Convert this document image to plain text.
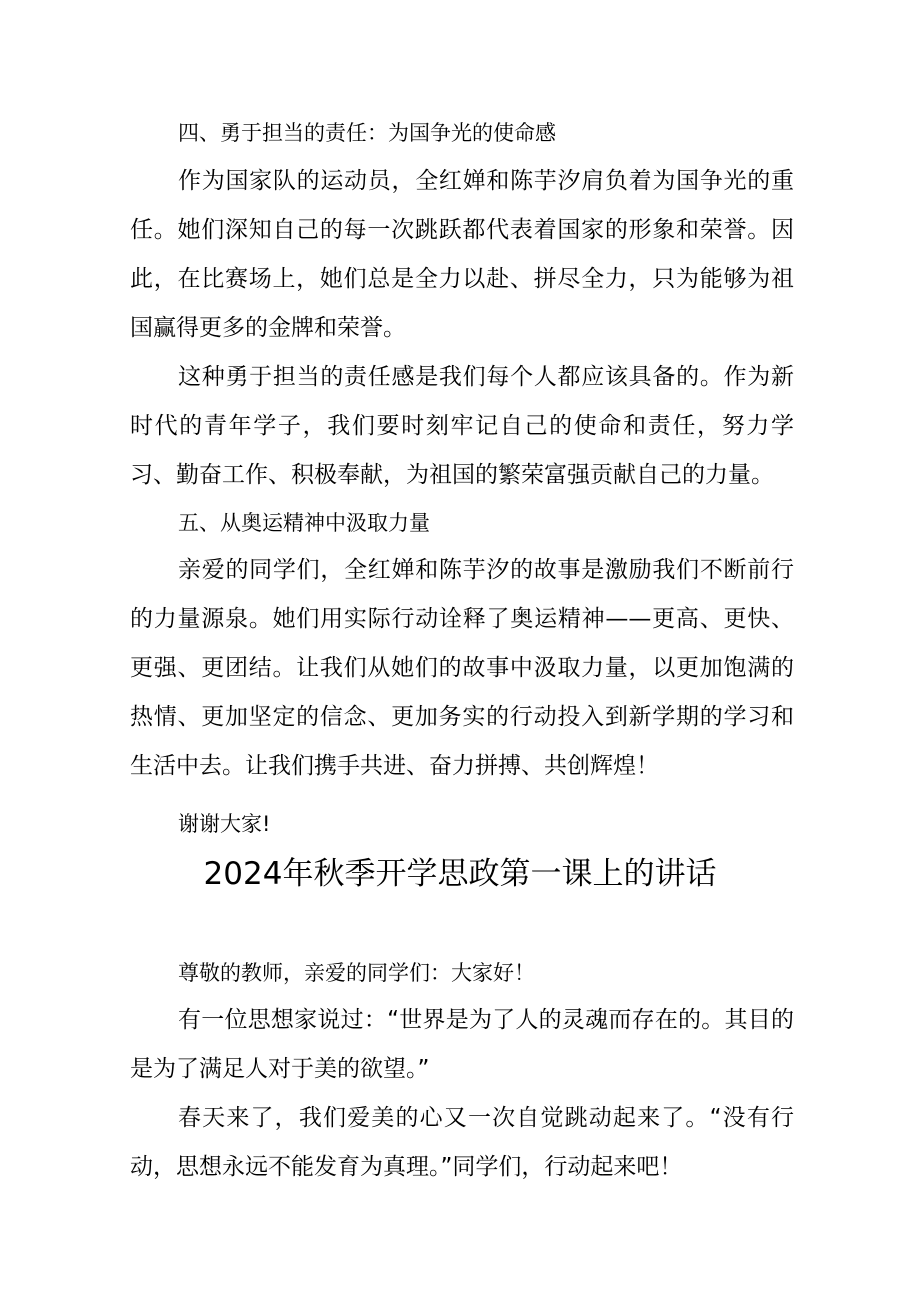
四、勇于担当的责任：为国争光的使命感

作为国家队的运动员，全红婵和陈芋汐肩负着为国争光的重任。她们深知自己的每一次跳跃都代表着国家的形象和荣誉。因此，在比赛场上，她们总是全力以赴、拼尽全力，只为能够为祖国赢得更多的金牌和荣誉。

这种勇于担当的责任感是我们每个人都应该具备的。作为新时代的青年学子，我们要时刻牢记自己的使命和责任，努力学习、勤奋工作、积极奉献，为祖国的繁荣富强贡献自己的力量。

五、从奥运精神中汲取力量

亲爱的同学们，全红婵和陈芋汐的故事是激励我们不断前行的力量源泉。她们用实际行动诠释了奥运精神——更高、更快、更强、更团结。让我们从她们的故事中汲取力量，以更加饱满的热情、更加坚定的信念、更加务实的行动投入到新学期的学习和生活中去。让我们携手共进、奋力拼搏、共创辉煌！

谢谢大家!

2024年秋季开学思政第一课上的讲话

尊敬的教师，亲爱的同学们：大家好！

有一位思想家说过：“世界是为了人的灵魂而存在的。其目的是为了满足人对于美的欲望。”

春天来了，我们爱美的心又一次自觉跳动起来了。“没有行动，思想永远不能发育为真理。”同学们，行动起来吧！
